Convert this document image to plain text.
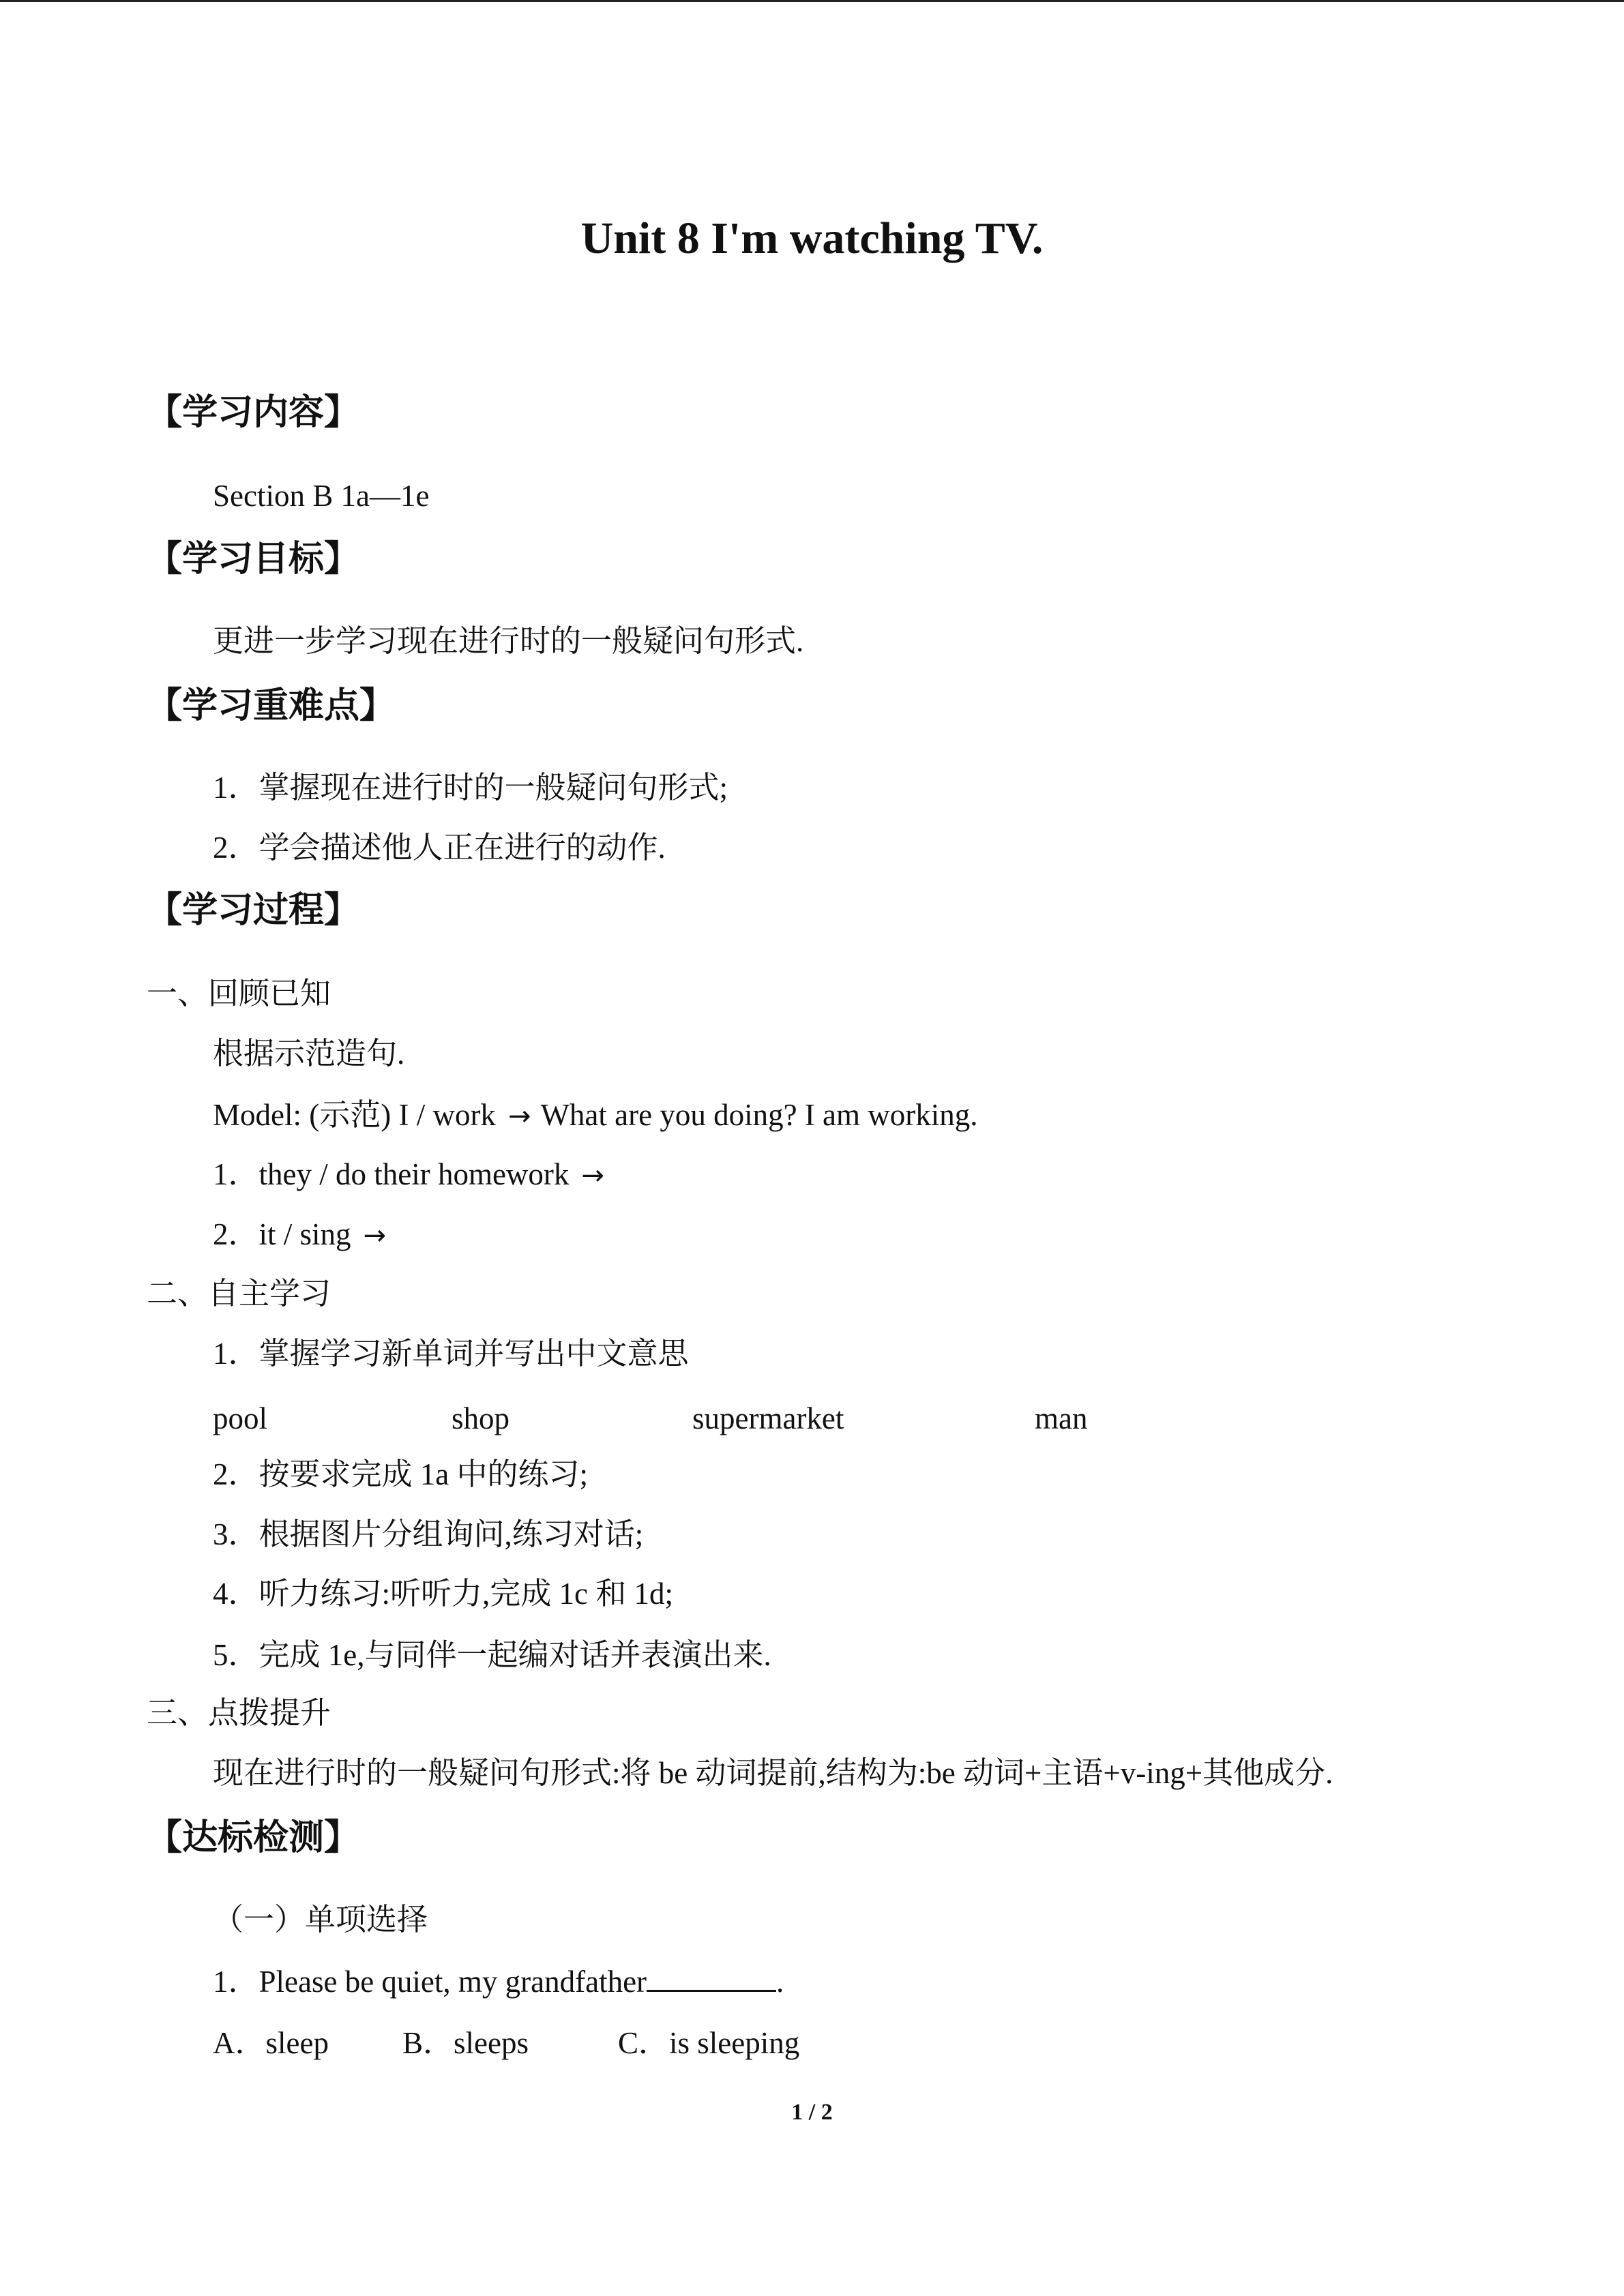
Unit 8 I'm watching TV.
【学习内容】
Section B 1a—1e
【学习目标】
更进一步学习现在进行时的一般疑问句形式.
【学习重难点】
1．掌握现在进行时的一般疑问句形式;
2．学会描述他人正在进行的动作.
【学习过程】
一、回顾已知
根据示范造句.
Model: (示范) I / work → What are you doing? I am working.
1．they / do their homework →
2．it / sing →
二、自主学习
1．掌握学习新单词并写出中文意思
pool	shop	supermarket	man
2．按要求完成 1a 中的练习;
3．根据图片分组询问,练习对话;
4．听力练习:听听力,完成 1c 和 1d;
5．完成 1e,与同伴一起编对话并表演出来.
三、点拨提升
现在进行时的一般疑问句形式:将 be 动词提前,结构为:be 动词+主语+v-ing+其他成分.
【达标检测】
（一）单项选择
1．Please be quiet, my grandfather	.
A．sleep B．sleeps	C．is sleeping
1 / 2
